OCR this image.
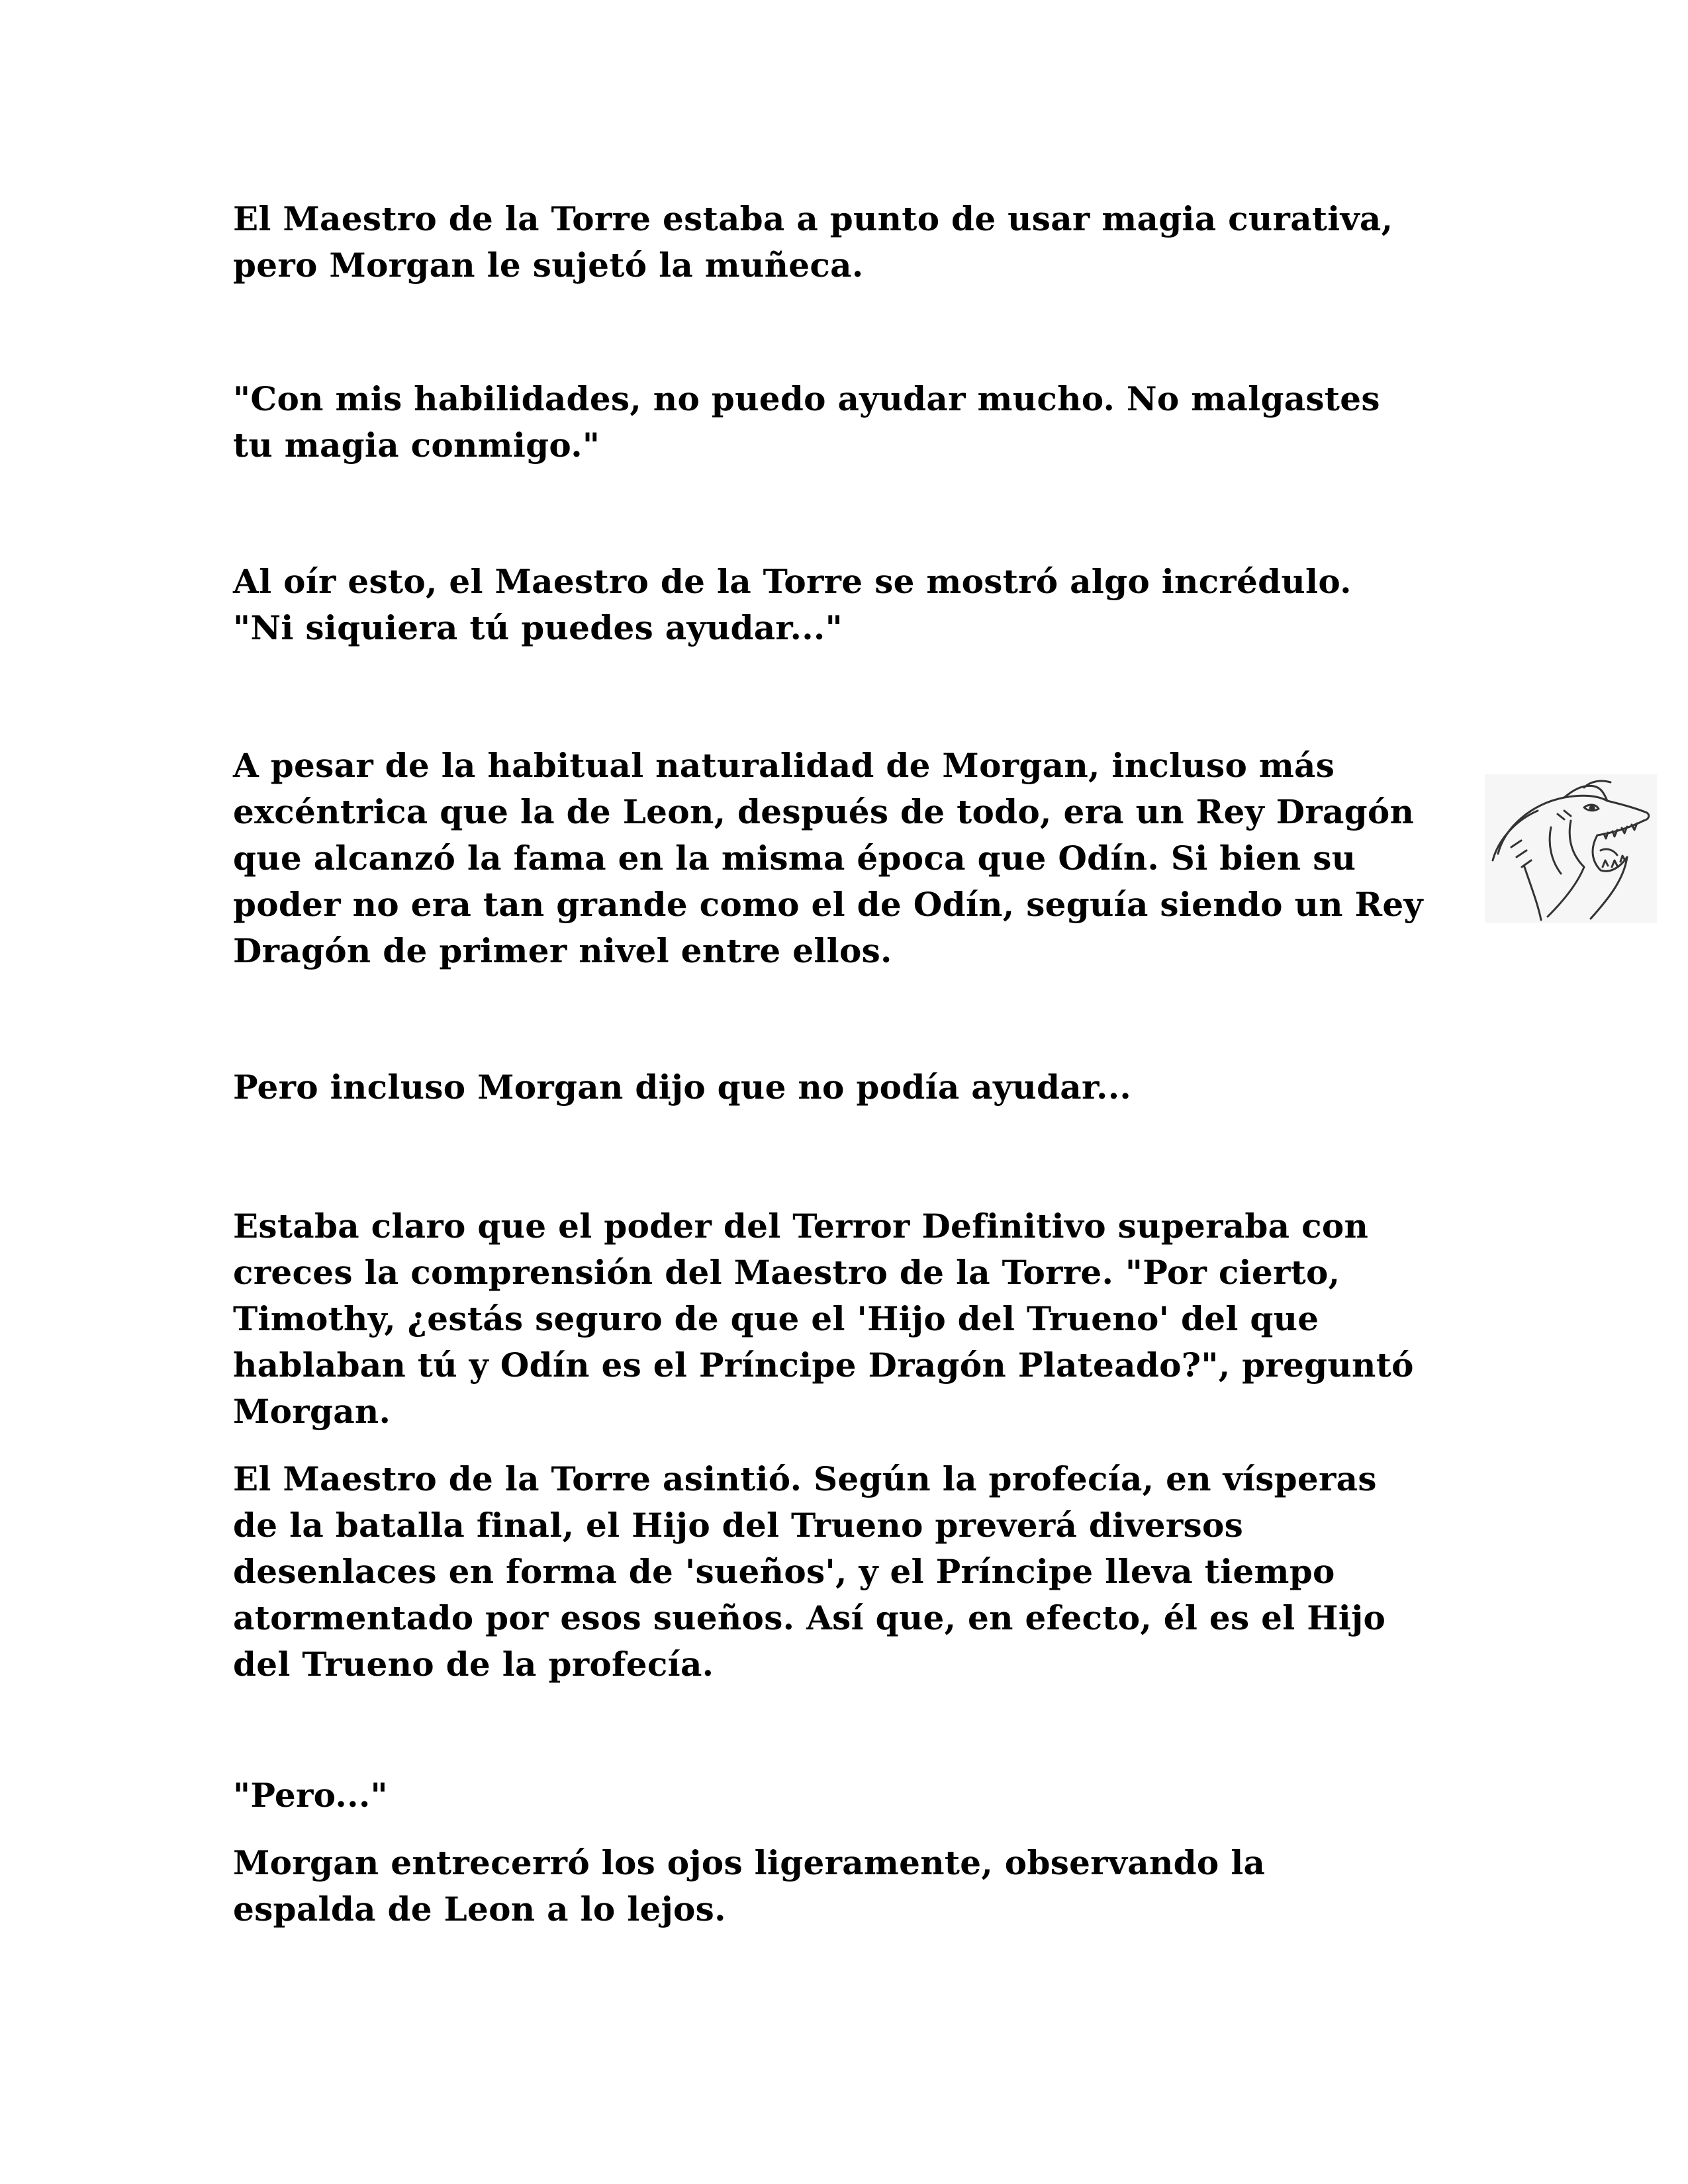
El Maestro de la Torre estaba a punto de usar magia curativa,
pero Morgan le sujetó la muñeca.

"Con mis habilidades, no puedo ayudar mucho. No malgastes
tu magia conmigo."

Al oír esto, el Maestro de la Torre se mostró algo incrédulo.
"Ni siquiera tú puedes ayudar..."

A pesar de la habitual naturalidad de Morgan, incluso más
excéntrica que la de Leon, después de todo, era un Rey Dragón
que alcanzó la fama en la misma época que Odín. Si bien su
poder no era tan grande como el de Odín, seguía siendo un Rey
Dragón de primer nivel entre ellos.

Pero incluso Morgan dijo que no podía ayudar...

Estaba claro que el poder del Terror Definitivo superaba con
creces la comprensión del Maestro de la Torre. "Por cierto,
Timothy, ¿estás seguro de que el 'Hijo del Trueno' del que
hablaban tú y Odín es el Príncipe Dragón Plateado?", preguntó
Morgan.

El Maestro de la Torre asintió. Según la profecía, en vísperas
de la batalla final, el Hijo del Trueno preverá diversos
desenlaces en forma de 'sueños', y el Príncipe lleva tiempo
atormentado por esos sueños. Así que, en efecto, él es el Hijo
del Trueno de la profecía.

"Pero..."

Morgan entrecerró los ojos ligeramente, observando la
espalda de Leon a lo lejos.
